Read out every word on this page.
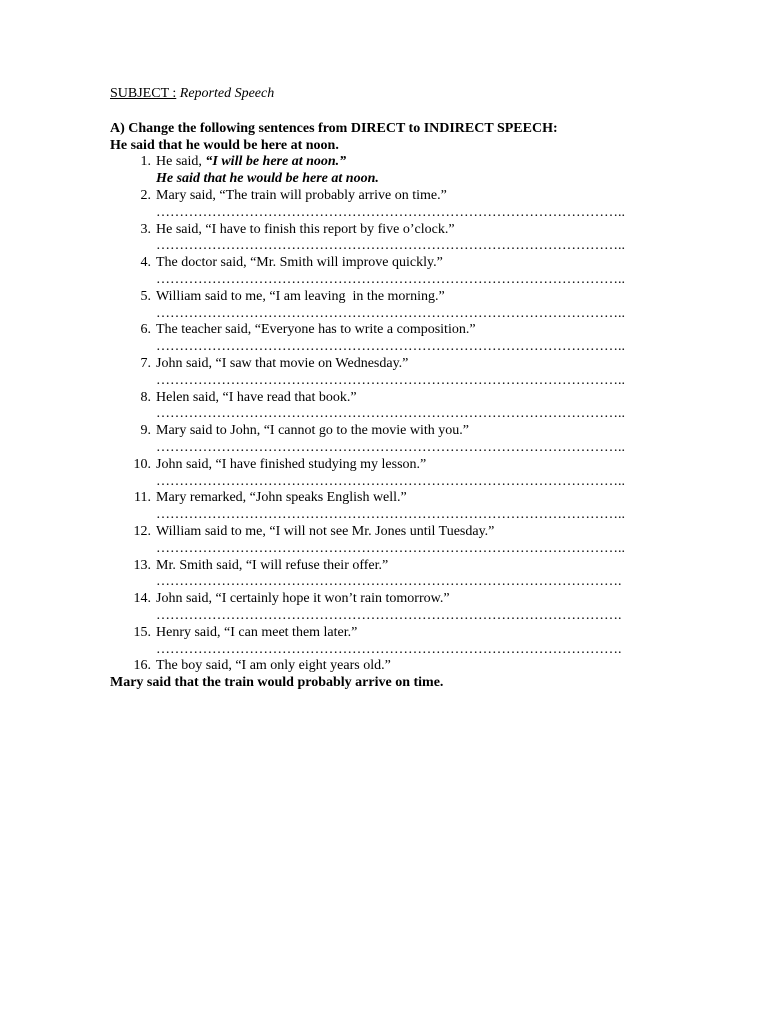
SUBJECT : Reported Speech

A) Change the following sentences from DIRECT to INDIRECT SPEECH:
He said that he would be here at noon.
1. He said, “I will be here at noon.”
He said that he would be here at noon.
2. Mary said, “The train will probably arrive on time.”
………………………………………………………………………………………..
3. He said, “I have to finish this report by five o’clock.”
………………………………………………………………………………………..
4. The doctor said, “Mr. Smith will improve quickly.”
………………………………………………………………………………………..
5. William said to me, “I am leaving  in the morning.”
………………………………………………………………………………………..
6. The teacher said, “Everyone has to write a composition.”
………………………………………………………………………………………..
7. John said, “I saw that movie on Wednesday.”
………………………………………………………………………………………..
8. Helen said, “I have read that book.”
………………………………………………………………………………………..
9. Mary said to John, “I cannot go to the movie with you.”
………………………………………………………………………………………..
10. John said, “I have finished studying my lesson.”
………………………………………………………………………………………..
11. Mary remarked, “John speaks English well.”
………………………………………………………………………………………..
12. William said to me, “I will not see Mr. Jones until Tuesday.”
………………………………………………………………………………………..
13. Mr. Smith said, “I will refuse their offer.”
……………………………………………………………………………………….
14. John said, “I certainly hope it won’t rain tomorrow.”
……………………………………………………………………………………….
15. Henry said, “I can meet them later.”
……………………………………………………………………………………….
16. The boy said, “I am only eight years old.”
Mary said that the train would probably arrive on time.
